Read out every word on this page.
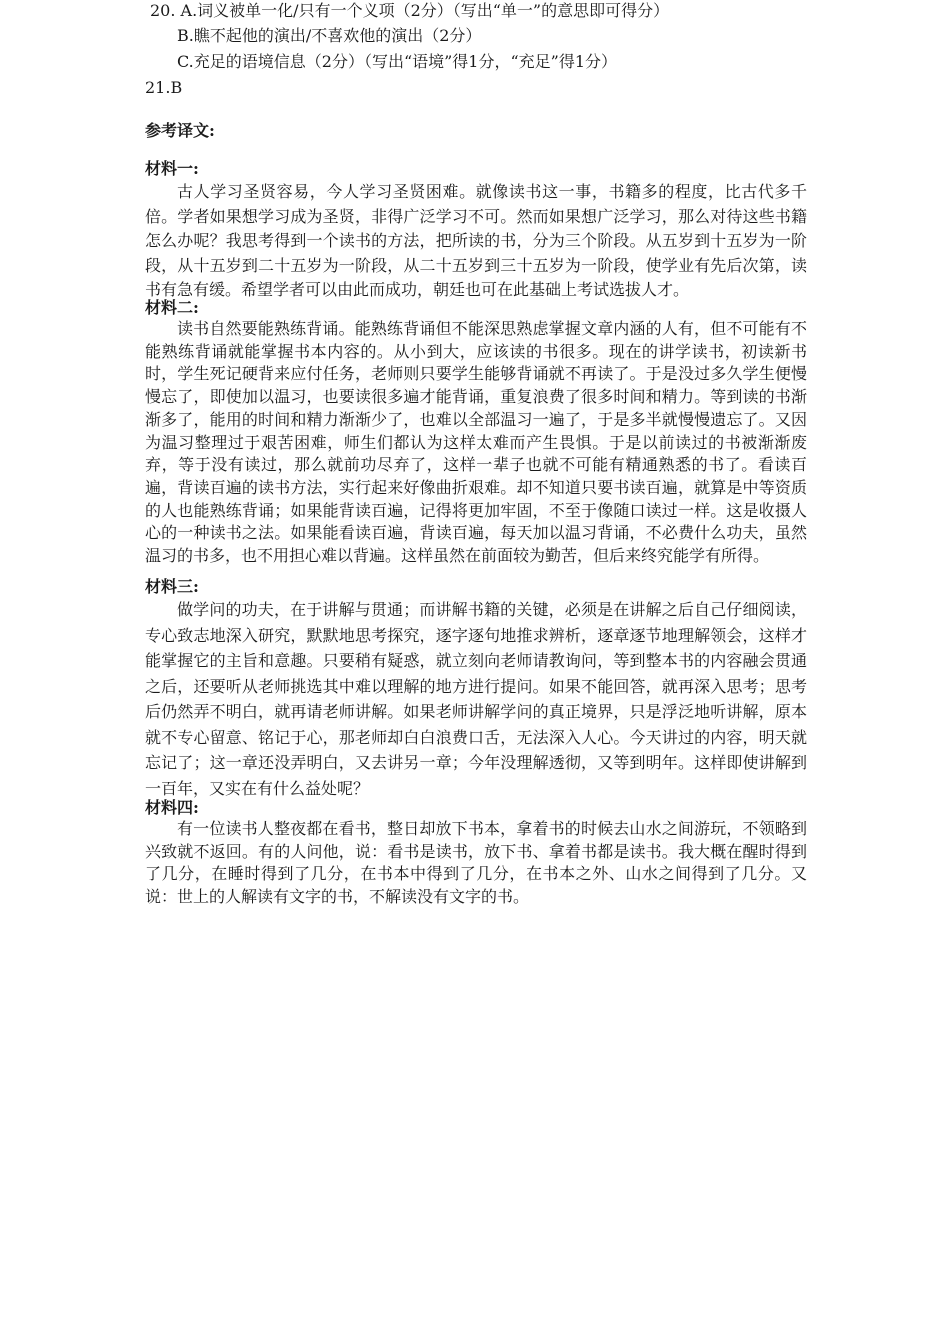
20. A.词义被单一化/只有一个义项（2分）（写出“单一”的意思即可得分）
B.瞧不起他的演出/不喜欢他的演出（2分）
C.充足的语境信息（2分）（写出“语境”得1分，“充足”得1分）
21.B
参考译文:
材料一:

古人学习圣贤容易，今人学习圣贤困难。就像读书这一事，书籍多的程度，比古代多千倍。学者如果想学习成为圣贤，非得广泛学习不可。然而如果想广泛学习，那么对待这些书籍怎么办呢？我思考得到一个读书的方法，把所读的书，分为三个阶段。从五岁到十五岁为一阶段，从十五岁到二十五岁为一阶段，从二十五岁到三十五岁为一阶段，使学业有先后次第，读书有急有缓。希望学者可以由此而成功，朝廷也可在此基础上考试选拔人才。

材料二:

读书自然要能熟练背诵。能熟练背诵但不能深思熟虑掌握文章内涵的人有，但不可能有不能熟练背诵就能掌握书本内容的。从小到大，应该读的书很多。现在的讲学读书，初读新书时，学生死记硬背来应付任务，老师则只要学生能够背诵就不再读了。于是没过多久学生便慢慢忘了，即使加以温习，也要读很多遍才能背诵，重复浪费了很多时间和精力。等到读的书渐渐多了，能用的时间和精力渐渐少了，也难以全部温习一遍了，于是多半就慢慢遗忘了。又因为温习整理过于艰苦困难，师生们都认为这样太难而产生畏惧。于是以前读过的书被渐渐废弃，等于没有读过，那么就前功尽弃了，这样一辈子也就不可能有精通熟悉的书了。看读百遍，背读百遍的读书方法，实行起来好像曲折艰难。却不知道只要书读百遍，就算是中等资质的人也能熟练背诵；如果能背读百遍，记得将更加牢固，不至于像随口读过一样。这是收摄人心的一种读书之法。如果能看读百遍，背读百遍，每天加以温习背诵，不必费什么功夫，虽然温习的书多，也不用担心难以背遍。这样虽然在前面较为勤苦，但后来终究能学有所得。

材料三:

做学问的功夫，在于讲解与贯通；而讲解书籍的关键，必须是在讲解之后自己仔细阅读，专心致志地深入研究，默默地思考探究，逐字逐句地推求辨析，逐章逐节地理解领会，这样才能掌握它的主旨和意趣。只要稍有疑惑，就立刻向老师请教询问，等到整本书的内容融会贯通之后，还要听从老师挑选其中难以理解的地方进行提问。如果不能回答，就再深入思考；思考后仍然弄不明白，就再请老师讲解。如果老师讲解学问的真正境界，只是浮泛地听讲解，原本就不专心留意、铭记于心，那老师却白白浪费口舌，无法深入人心。今天讲过的内容，明天就忘记了；这一章还没弄明白，又去讲另一章；今年没理解透彻，又等到明年。这样即使讲解到一百年，又实在有什么益处呢？

材料四:

有一位读书人整夜都在看书，整日却放下书本，拿着书的时候去山水之间游玩，不领略到兴致就不返回。有的人问他，说：看书是读书，放下书、拿着书都是读书。我大概在醒时得到了几分，在睡时得到了几分，在书本中得到了几分，在书本之外、山水之间得到了几分。又说：世上的人解读有文字的书，不解读没有文字的书。
